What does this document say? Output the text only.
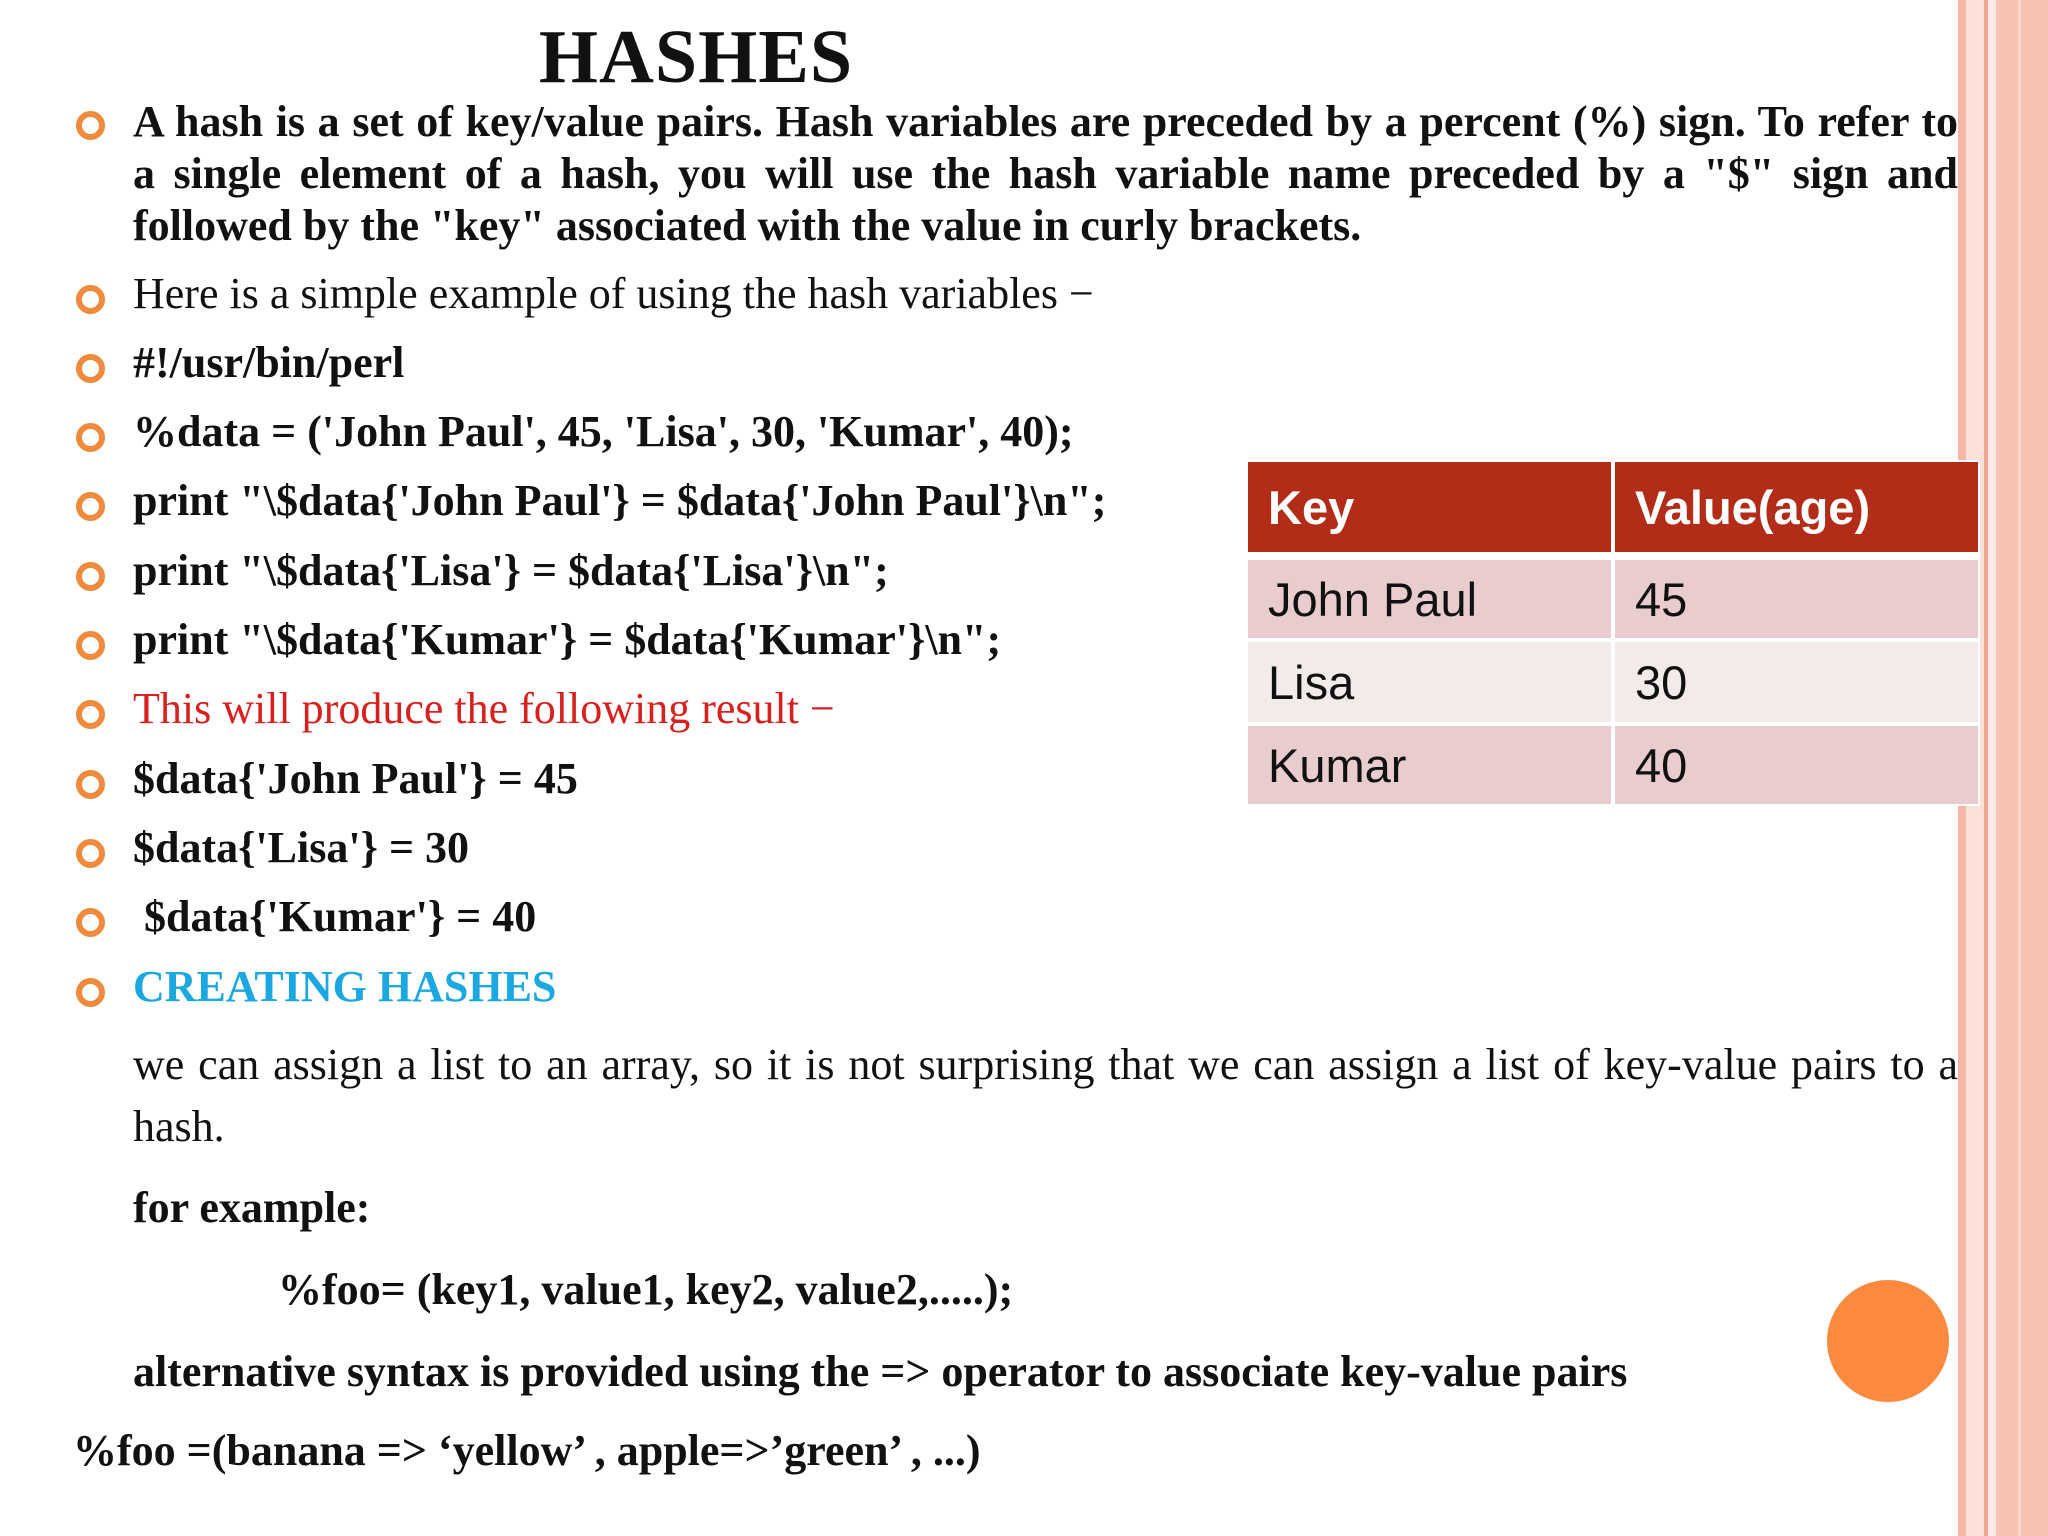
HASHES
A hash is a set of key/value pairs. Hash variables are preceded by a percent (%) sign. To refer to a single element of a hash, you will use the hash variable name preceded by a "$" sign and followed by the "key" associated with the value in curly brackets.
Here is a simple example of using the hash variables −
#!/usr/bin/perl
%data = ('John Paul', 45, 'Lisa', 30, 'Kumar', 40);
print "\$data{'John Paul'} = $data{'John Paul'}\n";
print "\$data{'Lisa'} = $data{'Lisa'}\n";
print "\$data{'Kumar'} = $data{'Kumar'}\n";
This will produce the following result −
$data{'John Paul'} = 45
$data{'Lisa'} = 30
$data{'Kumar'} = 40
CREATING HASHES
we can assign a list to an array, so it is not surprising that we can assign a list of key-value pairs to a hash.
for example:
%foo= (key1, value1, key2, value2,.....);
alternative syntax is provided using the => operator to associate key-value pairs
%foo =(banana => ‘yellow’ , apple=>’green’ , ...)
Key	Value(age)
John Paul	45
Lisa	30
Kumar	40
